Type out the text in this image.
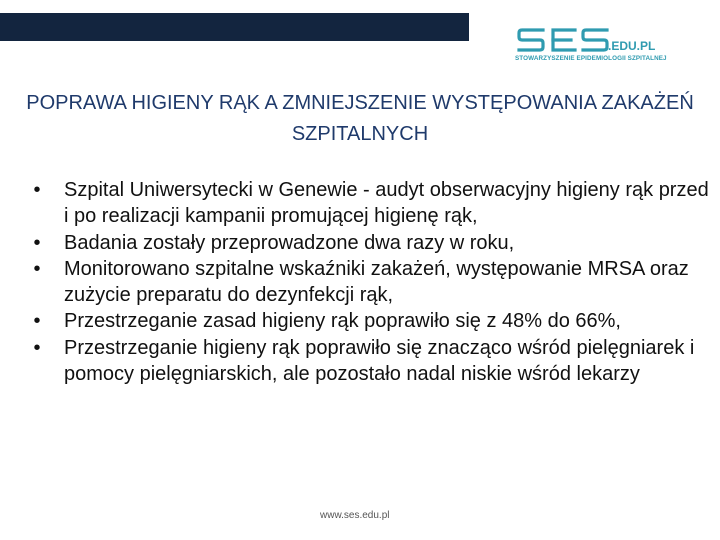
.EDU.PL
STOWARZYSZENIE EPIDEMIOLOGII SZPITALNEJ
POPRAWA HIGIENY RĄK A ZMNIEJSZENIE WYSTĘPOWANIA ZAKAŻEŃ SZPITALNYCH
• Szpital Uniwersytecki w Genewie - audyt obserwacyjny higieny rąk przed i po realizacji kampanii promującej higienę rąk,
• Badania zostały przeprowadzone dwa razy w roku,
• Monitorowano szpitalne wskaźniki zakażeń, występowanie MRSA oraz zużycie preparatu do dezynfekcji rąk,
• Przestrzeganie zasad higieny rąk poprawiło się z 48% do 66%,
• Przestrzeganie higieny rąk poprawiło się znacząco wśród pielęgniarek i pomocy pielęgniarskich, ale pozostało nadal niskie wśród lekarzy
www.ses.edu.pl
